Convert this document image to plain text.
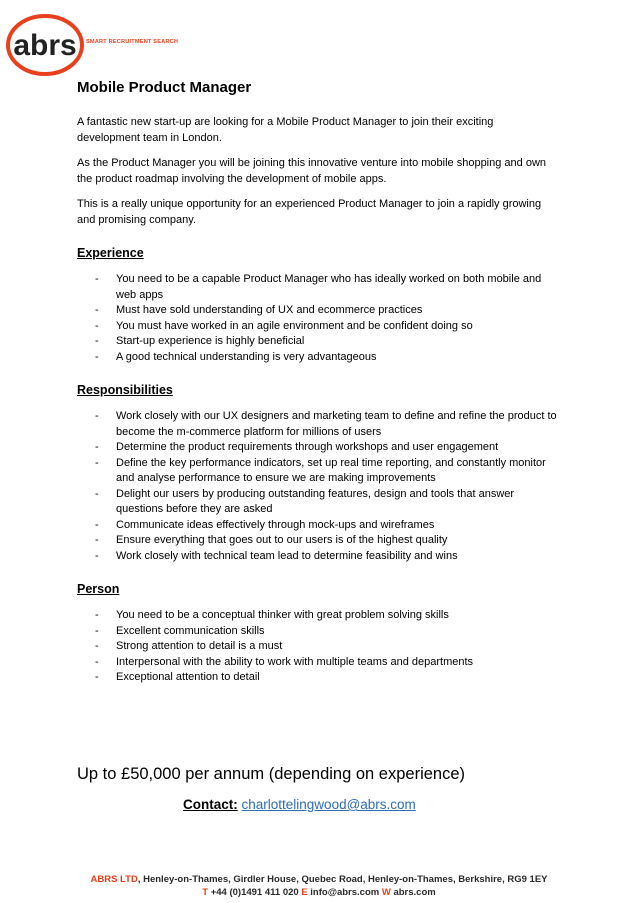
abrs SMART RECRUITMENT SEARCH
Mobile Product Manager

A fantastic new start-up are looking for a Mobile Product Manager to join their exciting development team in London.

As the Product Manager you will be joining this innovative venture into mobile shopping and own the product roadmap involving the development of mobile apps.

This is a really unique opportunity for an experienced Product Manager to join a rapidly growing and promising company.

Experience
- You need to be a capable Product Manager who has ideally worked on both mobile and web apps
- Must have sold understanding of UX and ecommerce practices
- You must have worked in an agile environment and be confident doing so
- Start-up experience is highly beneficial
- A good technical understanding is very advantageous
Responsibilities
- Work closely with our UX designers and marketing team to define and refine the product to become the m-commerce platform for millions of users
- Determine the product requirements through workshops and user engagement
- Define the key performance indicators, set up real time reporting, and constantly monitor and analyse performance to ensure we are making improvements
- Delight our users by producing outstanding features, design and tools that answer questions before they are asked
- Communicate ideas effectively through mock-ups and wireframes
- Ensure everything that goes out to our users is of the highest quality
- Work closely with technical team lead to determine feasibility and wins
Person
- You need to be a conceptual thinker with great problem solving skills
- Excellent communication skills
- Strong attention to detail is a must
- Interpersonal with the ability to work with multiple teams and departments
- Exceptional attention to detail
Up to £50,000 per annum (depending on experience)
Contact: charlottelingwood@abrs.com
ABRS LTD, Henley-on-Thames, Girdler House, Quebec Road, Henley-on-Thames, Berkshire, RG9 1EY
T +44 (0)1491 411 020 E info@abrs.com W abrs.com
